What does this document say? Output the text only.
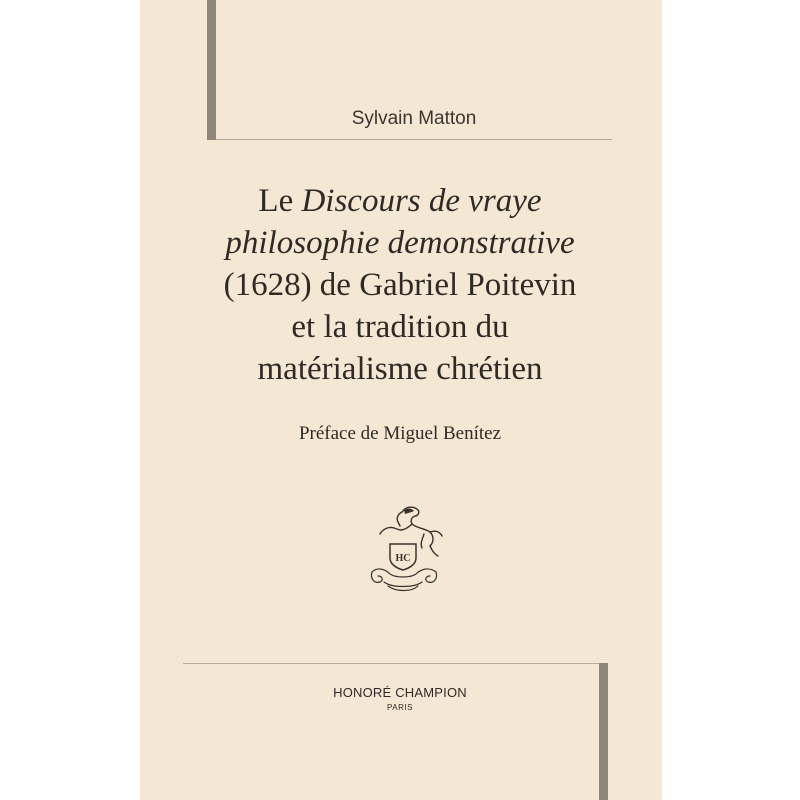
Sylvain Matton
Le Discours de vraye
philosophie demonstrative
(1628) de Gabriel Poitevin
et la tradition du
matérialisme chrétien
Préface de Miguel Benítez
HC
HONORÉ CHAMPION
PARIS
